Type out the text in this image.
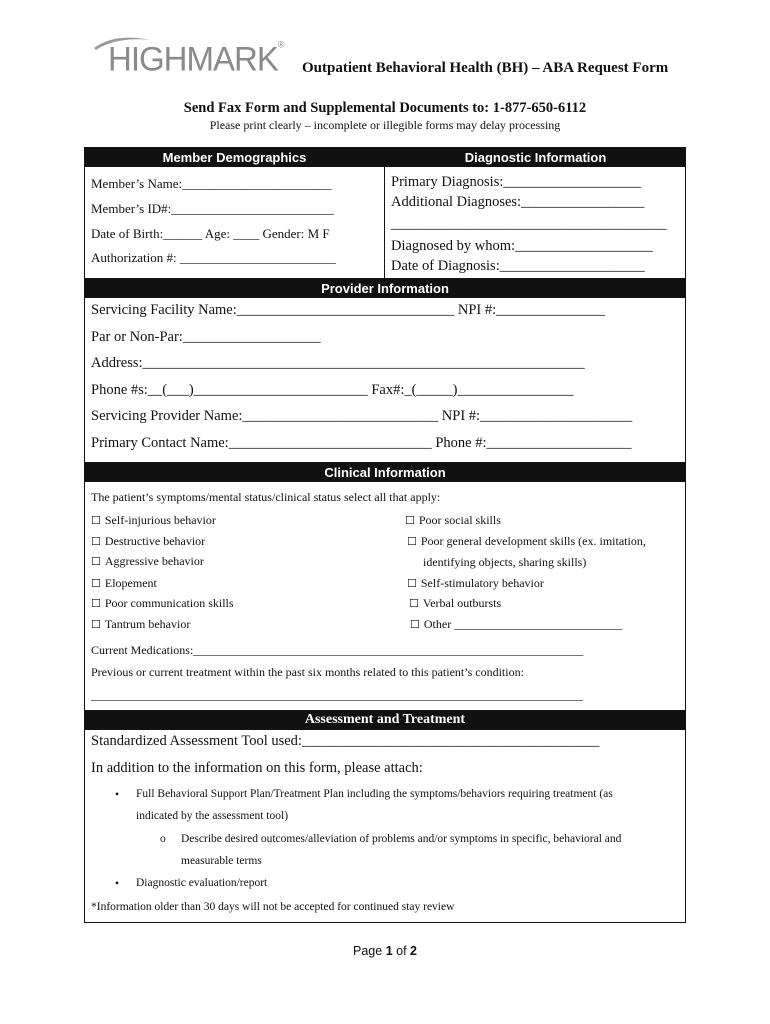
HIGHMARK®
Outpatient Behavioral Health (BH) – ABA Request Form
Send Fax Form and Supplemental Documents to: 1-877-650-6112
Please print clearly – incomplete or illegible forms may delay processing
Member Demographics	Diagnostic Information
Member’s Name:_______________________
Member’s ID#:_________________________
Date of Birth:______ Age: ____ Gender: M F
Authorization #: ________________________
Primary Diagnosis:___________________
Additional Diagnoses:_________________
______________________________________
Diagnosed by whom:___________________
Date of Diagnosis:____________________
Provider Information
Servicing Facility Name:______________________________ NPI #:_______________
Par or Non-Par:___________________
Address:_____________________________________________________________
Phone #s:__(___)________________________ Fax#:_(_____)________________
Servicing Provider Name:___________________________ NPI #:_____________________
Primary Contact Name:____________________________ Phone #:____________________
Clinical Information
The patient’s symptoms/mental status/clinical status select all that apply:
☐ Self-injurious behavior
☐ Destructive behavior
☐ Aggressive behavior
☐ Elopement
☐ Poor communication skills
☐ Tantrum behavior
☐ Poor social skills
☐ Poor general development skills (ex. imitation,
identifying objects, sharing skills)
☐ Self-stimulatory behavior
☐ Verbal outbursts
☐ Other ____________________________
Current Medications:_________________________________________________________________
Previous or current treatment within the past six months related to this patient’s condition:
__________________________________________________________________________________
Assessment and Treatment
Standardized Assessment Tool used:_________________________________________
In addition to the information on this form, please attach:
• Full Behavioral Support Plan/Treatment Plan including the symptoms/behaviors requiring treatment (as
indicated by the assessment tool)
o Describe desired outcomes/alleviation of problems and/or symptoms in specific, behavioral and
measurable terms
• Diagnostic evaluation/report
*Information older than 30 days will not be accepted for continued stay review
Page 1 of 2
